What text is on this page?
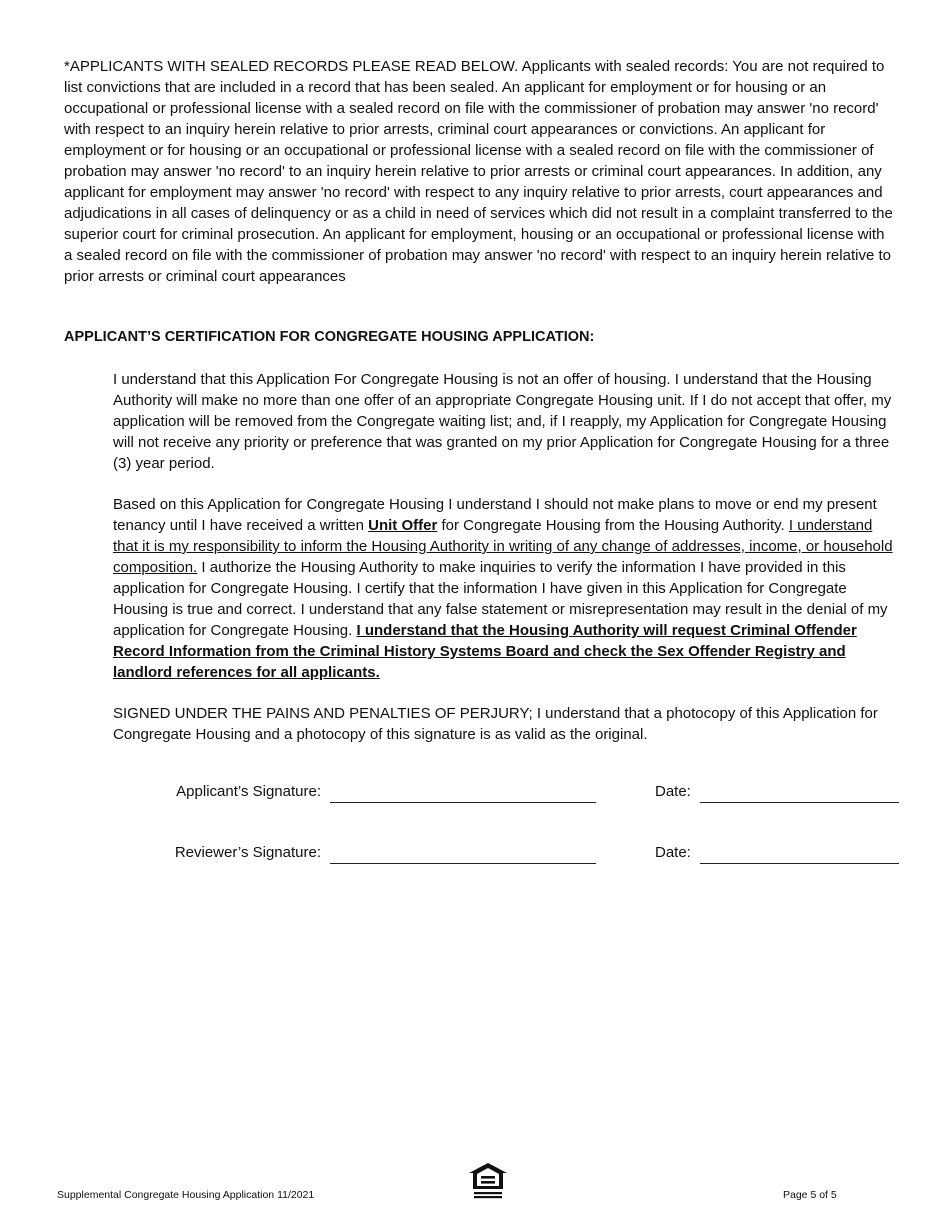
*APPLICANTS WITH SEALED RECORDS PLEASE READ BELOW. Applicants with sealed records: You are not required to list convictions that are included in a record that has been sealed. An applicant for employment or for housing or an occupational or professional license with a sealed record on file with the commissioner of probation may answer 'no record' with respect to an inquiry herein relative to prior arrests, criminal court appearances or convictions. An applicant for employment or for housing or an occupational or professional license with a sealed record on file with the commissioner of probation may answer 'no record' to an inquiry herein relative to prior arrests or criminal court appearances. In addition, any applicant for employment may answer 'no record' with respect to any inquiry relative to prior arrests, court appearances and adjudications in all cases of delinquency or as a child in need of services which did not result in a complaint transferred to the superior court for criminal prosecution. An applicant for employment, housing or an occupational or professional license with a sealed record on file with the commissioner of probation may answer 'no record' with respect to an inquiry herein relative to prior arrests or criminal court appearances

APPLICANT’S CERTIFICATION FOR CONGREGATE HOUSING APPLICATION:

I understand that this Application For Congregate Housing is not an offer of housing. I understand that the Housing Authority will make no more than one offer of an appropriate Congregate Housing unit. If I do not accept that offer, my application will be removed from the Congregate waiting list; and, if I reapply, my Application for Congregate Housing will not receive any priority or preference that was granted on my prior Application for Congregate Housing for a three (3) year period.

Based on this Application for Congregate Housing I understand I should not make plans to move or end my present tenancy until I have received a written Unit Offer for Congregate Housing from the Housing Authority. I understand that it is my responsibility to inform the Housing Authority in writing of any change of addresses, income, or household composition. I authorize the Housing Authority to make inquiries to verify the information I have provided in this application for Congregate Housing. I certify that the information I have given in this Application for Congregate Housing is true and correct. I understand that any false statement or misrepresentation may result in the denial of my application for Congregate Housing. I understand that the Housing Authority will request Criminal Offender Record Information from the Criminal History Systems Board and check the Sex Offender Registry and landlord references for all applicants.

SIGNED UNDER THE PAINS AND PENALTIES OF PERJURY; I understand that a photocopy of this Application for Congregate Housing and a photocopy of this signature is as valid as the original.

Applicant’s Signature:	Date:
Reviewer’s Signature:	Date:
Supplemental Congregate Housing Application 11/2021	Page 5 of 5
